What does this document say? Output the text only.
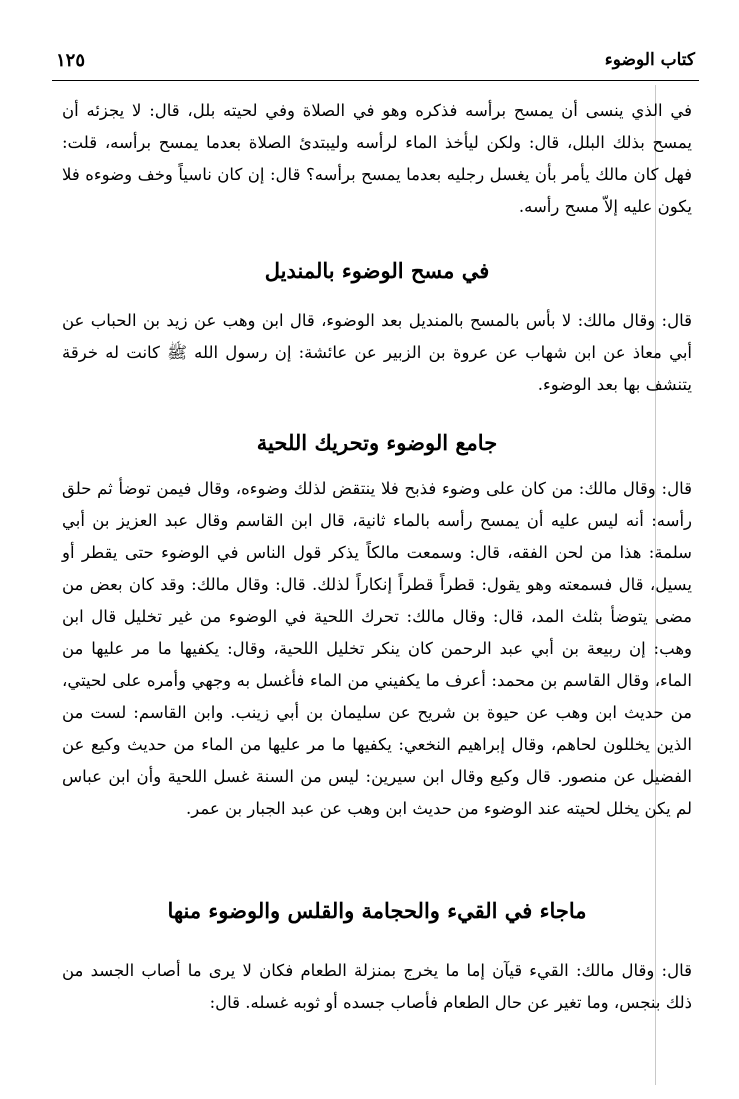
كتاب الوضوء
١٢٥

في الذي ينسى أن يمسح برأسه فذكره وهو في الصلاة وفي لحيته بلل، قال: لا يجزئه أن يمسح بذلك البلل، قال: ولكن ليأخذ الماء لرأسه وليبتدئ الصلاة بعدما يمسح برأسه، قلت: فهل كان مالك يأمر بأن يغسل رجليه بعدما يمسح برأسه؟ قال: إن كان ناسياً وخف وضوءه فلا يكون عليه إلاّ مسح رأسه.

في مسح الوضوء بالمنديل

قال: وقال مالك: لا بأس بالمسح بالمنديل بعد الوضوء، قال ابن وهب عن زيد بن الحباب عن أبي معاذ عن ابن شهاب عن عروة بن الزبير عن عائشة: إن رسول الله ﷺ كانت له خرقة يتنشف بها بعد الوضوء.

جامع الوضوء وتحريك اللحية

قال: وقال مالك: من كان على وضوء فذبح فلا ينتقض لذلك وضوءه، وقال فيمن توضأ ثم حلق رأسه: أنه ليس عليه أن يمسح رأسه بالماء ثانية، قال ابن القاسم وقال عبد العزيز بن أبي سلمة: هذا من لحن الفقه، قال: وسمعت مالكاً يذكر قول الناس في الوضوء حتى يقطر أو يسيل، قال فسمعته وهو يقول: قطراً قطراً إنكاراً لذلك. قال: وقال مالك: وقد كان بعض من مضى يتوضأ بثلث المد، قال: وقال مالك: تحرك اللحية في الوضوء من غير تخليل قال ابن وهب: إن ربيعة بن أبي عبد الرحمن كان ينكر تخليل اللحية، وقال: يكفيها ما مر عليها من الماء، وقال القاسم بن محمد: أعرف ما يكفيني من الماء فأغسل به وجهي وأمره على لحيتي، من حديث ابن وهب عن حيوة بن شريح عن سليمان بن أبي زينب. وابن القاسم: لست من الذين يخللون لحاهم، وقال إبراهيم النخعي: يكفيها ما مر عليها من الماء من حديث وكيع عن الفضيل عن منصور. قال وكيع وقال ابن سيرين: ليس من السنة غسل اللحية وأن ابن عباس لم يكن يخلل لحيته عند الوضوء من حديث ابن وهب عن عبد الجبار بن عمر.

ماجاء في القيء والحجامة والقلس والوضوء منها

قال: وقال مالك: القيء قيآن إما ما يخرج بمنزلة الطعام فكان لا يرى ما أصاب الجسد من ذلك بنجس، وما تغير عن حال الطعام فأصاب جسده أو ثوبه غسله. قال:
